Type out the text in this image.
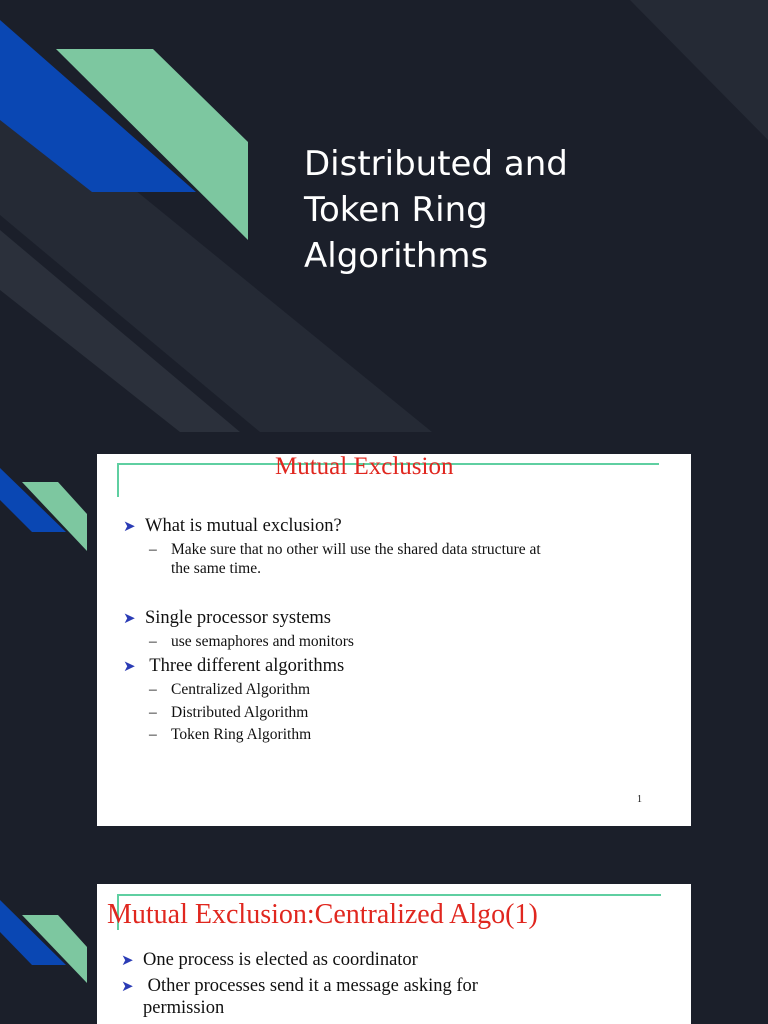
Distributed and
Token Ring
Algorithms
Mutual Exclusion
➤ What is mutual exclusion?
– Make sure that no other will use the shared data structure at
the same time.
➤ Single processor systems
– use semaphores and monitors
➤ Three different algorithms
– Centralized Algorithm
– Distributed Algorithm
– Token Ring Algorithm
1
Mutual Exclusion:Centralized Algo(1)
➤ One process is elected as coordinator
➤ Other processes send it a message asking for
permission
